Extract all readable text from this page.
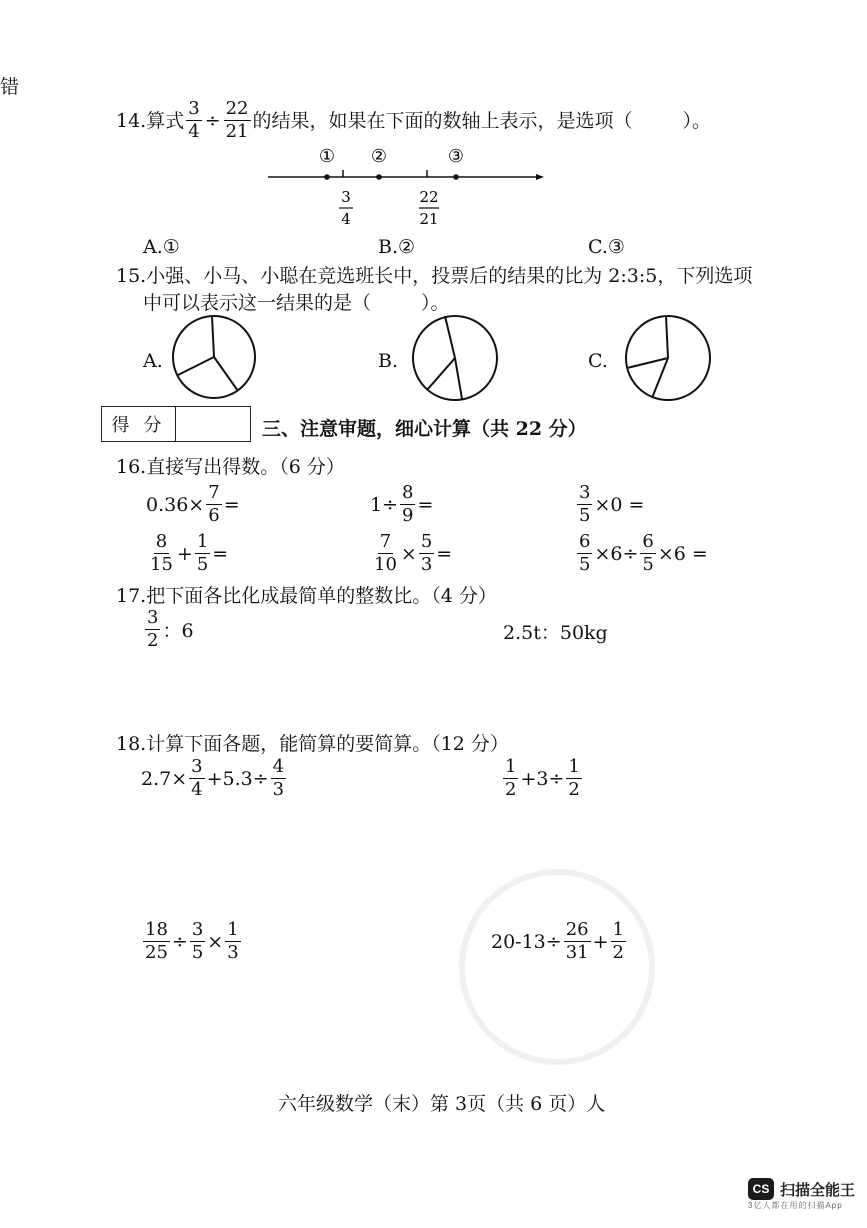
错
14.算式 $\frac{3}{4} \div \frac{22}{21}$ 的结果，如果在下面的数轴上表示，是选项（	）。
① ②	③
3
4
22
21
A.①	B.②	C.③
15.小强、小马、小聪在竞选班长中，投票后的结果的比为 2:3:5，下列选项
中可以表示这一结果的是（	）。
A.	B.	C.
得分	三、注意审题，细心计算（共 22 分）
16.直接写出得数。（6 分）
$0.36\times \frac{7}{6}$ =	$1\div \frac{8}{9}$ =	$\frac{3}{5} \times 0$ =
$\frac{8}{15} + \frac{1}{5}$ =	$\frac{7}{10} \times \frac{5}{3}$ =	$\frac{6}{5} \times 6\div \frac{6}{5} \times 6$ =
17.把下面各比化成最简单的整数比。（4 分）
$\frac{3}{2}$ ：6	2.5t：50kg
18.计算下面各题，能简算的要简算。（12 分）
$2.7\times \frac{3}{4} +5.3\div \frac{4}{3}$	$\frac{1}{2} +3\div \frac{1}{2}$
$\frac{18}{25} \div \frac{3}{5} \times \frac{1}{3}$	$20-13\div \frac{26}{31} + \frac{1}{2}$
六年级数学（末）第 3页（共 6 页）人
CS 扫描全能王
3亿人都在用的扫描App
